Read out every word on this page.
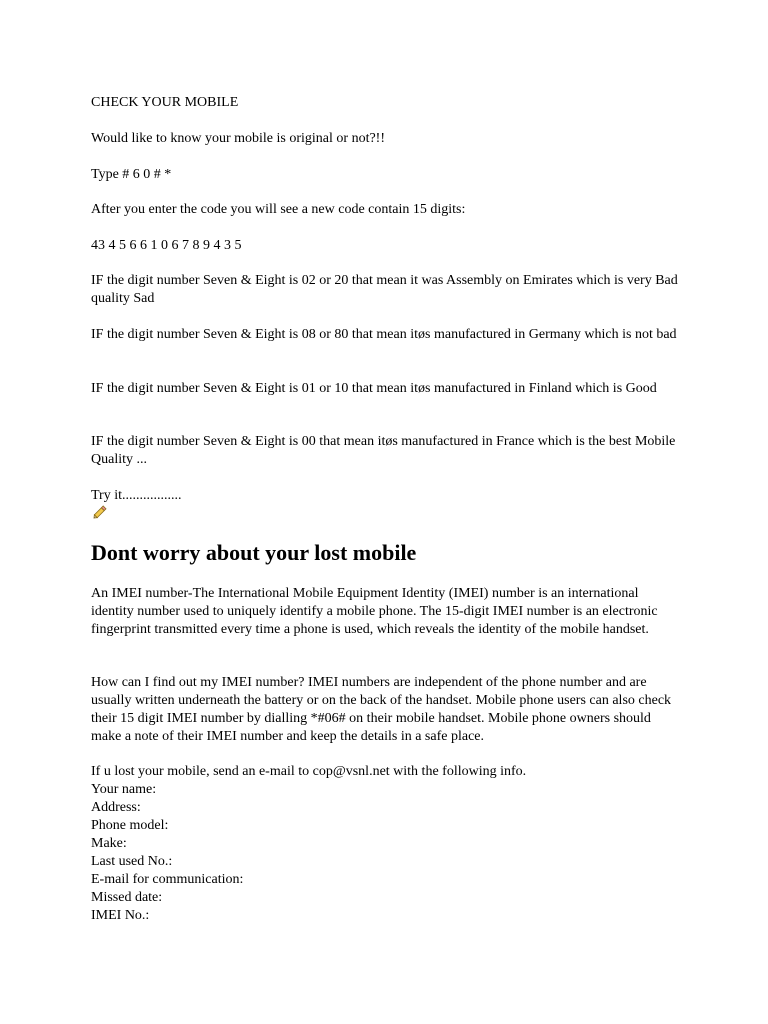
CHECK YOUR MOBILE

Would like to know your mobile is original or not?!!

Type # 6 0 # *

After you enter the code you will see a new code contain 15 digits:

43 4 5 6 6 1 0 6 7 8 9 4 3 5

IF the digit number Seven & Eight is 02 or 20 that mean it was Assembly on Emirates which is very Bad quality Sad

IF the digit number Seven & Eight is 08 or 80 that mean itøs manufactured in Germany which is not bad

IF the digit number Seven & Eight is 01 or 10 that mean itøs manufactured in Finland which is Good

IF the digit number Seven & Eight is 00 that mean itøs manufactured in France which is the best Mobile Quality ...

Try it.................

Dont worry about your lost mobile

An IMEI number-The International Mobile Equipment Identity (IMEI) number is an international identity number used to uniquely identify a mobile phone. The 15-digit IMEI number is an electronic fingerprint transmitted every time a phone is used, which reveals the identity of the mobile handset.

How can I find out my IMEI number? IMEI numbers are independent of the phone number and are usually written underneath the battery or on the back of the handset. Mobile phone users can also check their 15 digit IMEI number by dialling *#06# on their mobile handset. Mobile phone owners should make a note of their IMEI number and keep the details in a safe place.

If u lost your mobile, send an e-mail to cop@vsnl.net with the following info.
Your name:
Address:
Phone model:
Make:
Last used No.:
E-mail for communication:
Missed date:
IMEI No.:
